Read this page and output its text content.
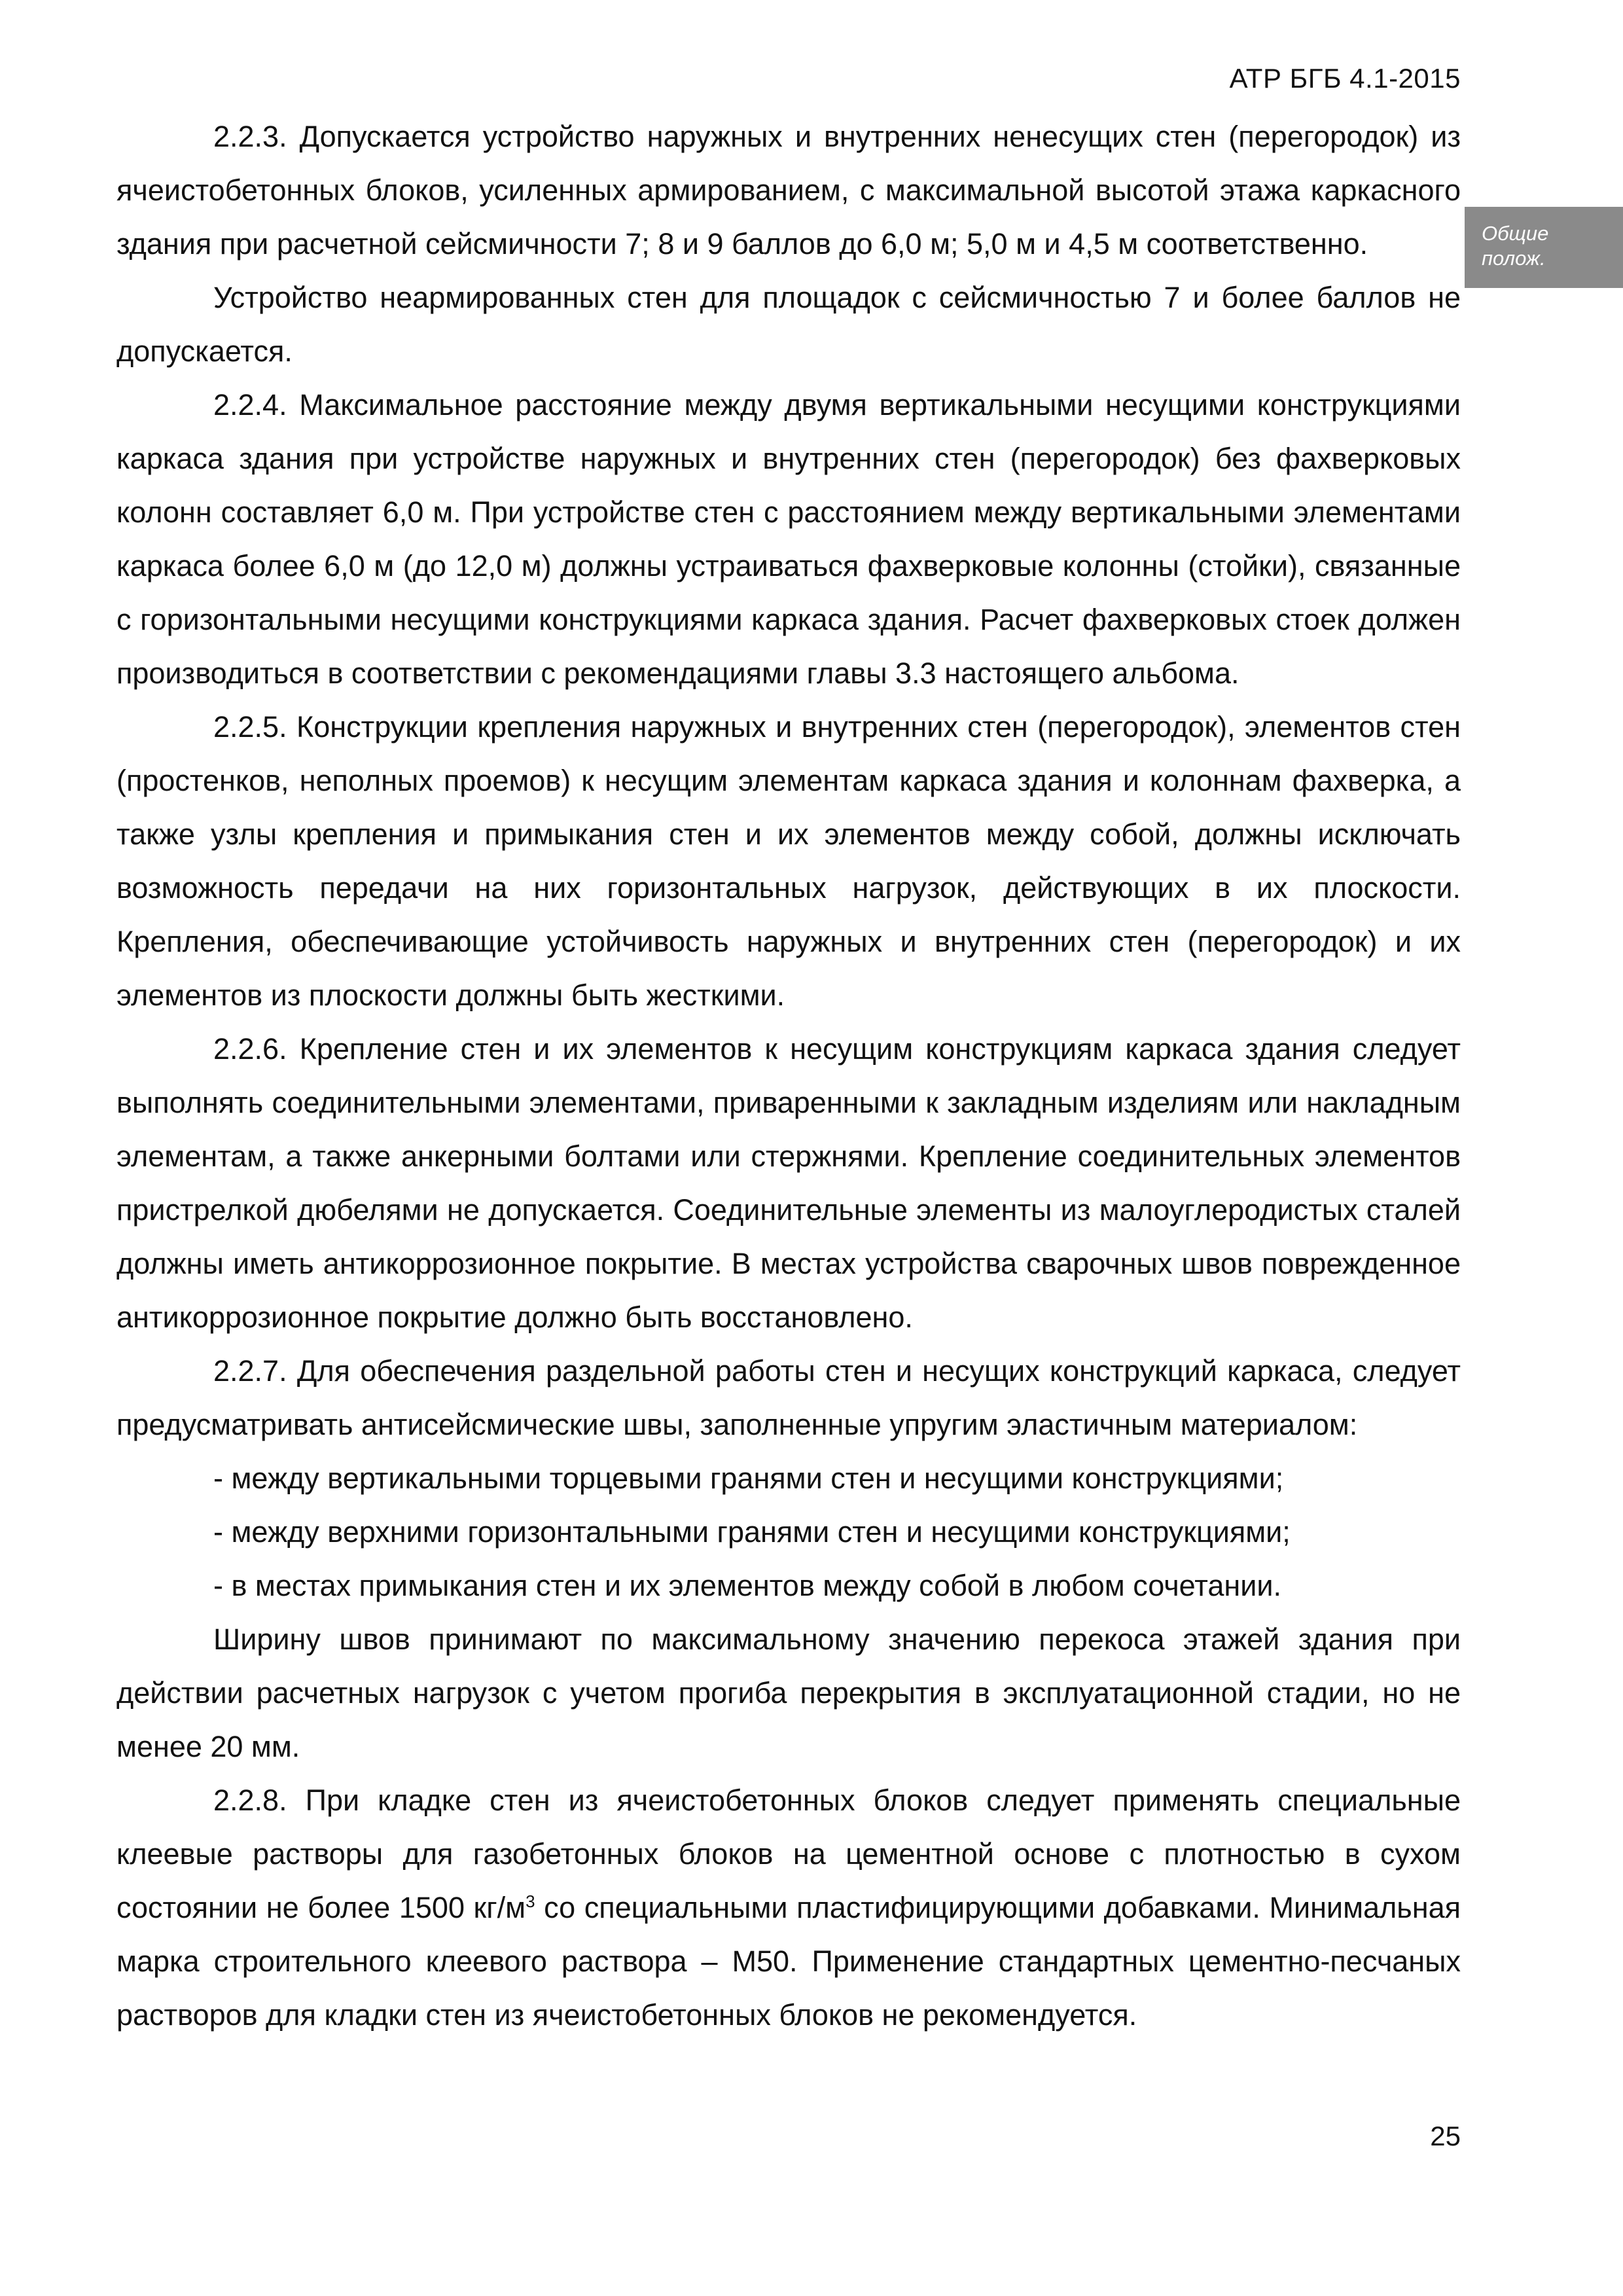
АТР БГБ 4.1-2015
Общие
полож.

2.2.3. Допускается устройство наружных и внутренних ненесущих стен (перегородок) из ячеистобетонных блоков, усиленных армированием, с максимальной высотой этажа каркасного здания при расчетной сейсмичности 7; 8 и 9 баллов до 6,0 м; 5,0 м и 4,5 м соответственно.

Устройство неармированных стен для площадок с сейсмичностью 7 и более баллов не допускается.

2.2.4. Максимальное расстояние между двумя вертикальными несущими конструкциями каркаса здания при устройстве наружных и внутренних стен (перегородок) без фахверковых колонн составляет 6,0 м. При устройстве стен с расстоянием между вертикальными элементами каркаса более 6,0 м (до 12,0 м) должны устраиваться фахверковые колонны (стойки), связанные с горизонтальными несущими конструкциями каркаса здания. Расчет фахверковых стоек должен производиться в соответствии с рекомендациями главы 3.3 настоящего альбома.

2.2.5. Конструкции крепления наружных и внутренних стен (перегородок), элементов стен (простенков, неполных проемов) к несущим элементам каркаса здания и колоннам фахверка, а также узлы крепления и примыкания стен и их элементов между собой, должны исключать возможность передачи на них горизонтальных нагрузок, действующих в их плоскости. Крепления, обеспечивающие устойчивость наружных и внутренних стен (перегородок) и их элементов из плоскости должны быть жесткими.

2.2.6. Крепление стен и их элементов к несущим конструкциям каркаса здания следует выполнять соединительными элементами, приваренными к закладным изделиям или накладным элементам, а также анкерными болтами или стержнями. Крепление соединительных элементов пристрелкой дюбелями не допускается. Соединительные элементы из малоуглеродистых сталей должны иметь антикоррозионное покрытие. В местах устройства сварочных швов поврежденное антикоррозионное покрытие должно быть восстановлено.

2.2.7. Для обеспечения раздельной работы стен и несущих конструкций каркаса, следует предусматривать антисейсмические швы, заполненные упругим эластичным материалом:

- между вертикальными торцевыми гранями стен и несущими конструкциями;

- между верхними горизонтальными гранями стен и несущими конструкциями;

- в местах примыкания стен и их элементов между собой в любом сочетании.

Ширину швов принимают по максимальному значению перекоса этажей здания при действии расчетных нагрузок с учетом прогиба перекрытия в эксплуатационной стадии, но не менее 20 мм.

2.2.8. При кладке стен из ячеистобетонных блоков следует применять специальные клеевые растворы для газобетонных блоков на цементной основе с плотностью в сухом состоянии не более 1500 $кг/м^3$ со специальными пластифицирующими добавками. Минимальная марка строительного клеевого раствора – М50. Применение стандартных цементно-песчаных растворов для кладки стен из ячеистобетонных блоков не рекомендуется.

25
